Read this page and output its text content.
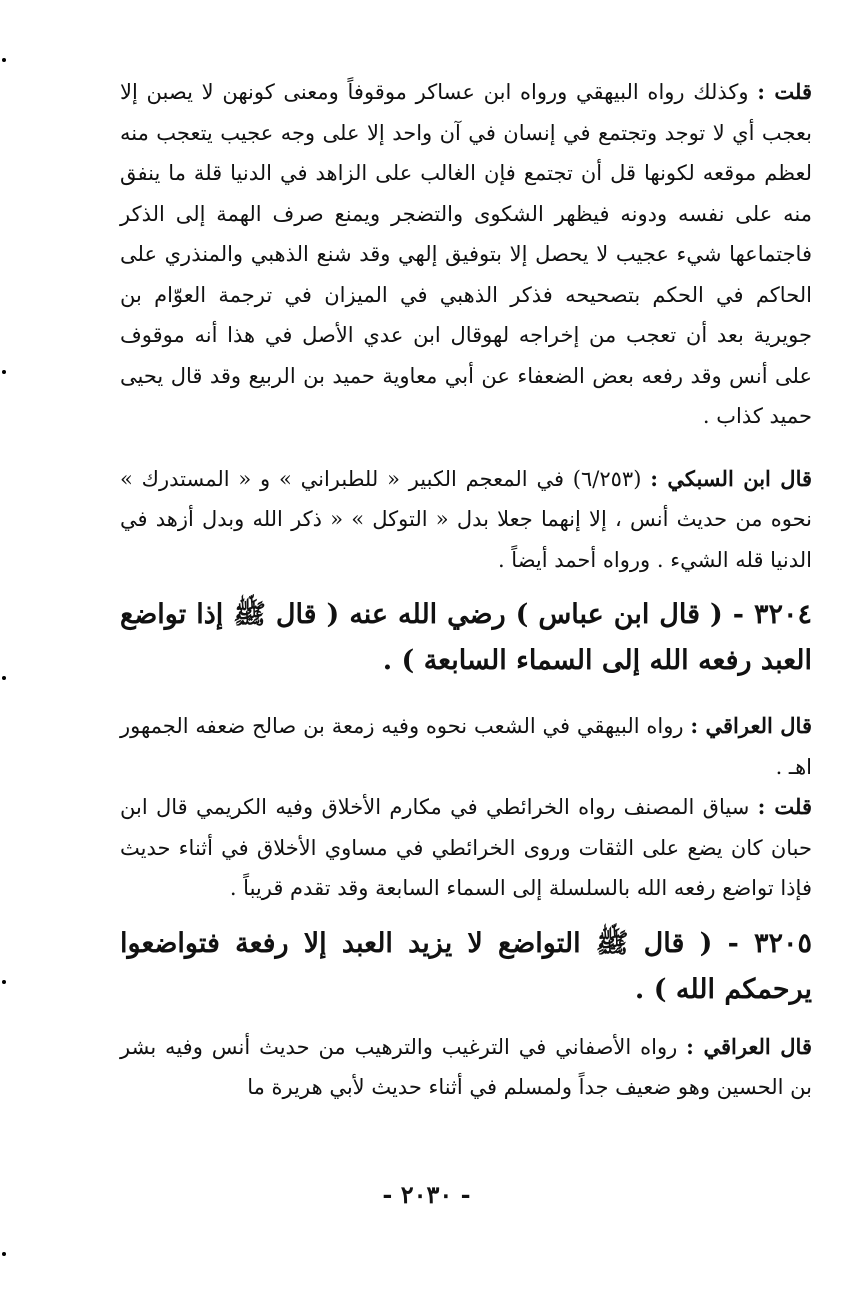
قلت : وكذلك رواه البيهقي ورواه ابن عساكر موقوفاً ومعنى كونهن لا يصبن إلا بعجب أي لا توجد وتجتمع في إنسان في آن واحد إلا على وجه عجيب يتعجب منه لعظم موقعه لكونها قل أن تجتمع فإن الغالب على الزاهد في الدنيا قلة ما ينفق منه على نفسه ودونه فيظهر الشكوى والتضجر ويمنع صرف الهمة إلى الذكر فاجتماعها شيء عجيب لا يحصل إلا بتوفيق إلهي وقد شنع الذهبي والمنذري على الحاكم في الحكم بتصحيحه فذكر الذهبي في الميزان في ترجمة العوّام بن جويرية بعد أن تعجب من إخراجه لهوقال ابن عدي الأصل في هذا أنه موقوف على أنس وقد رفعه بعض الضعفاء عن أبي معاوية حميد بن الربيع وقد قال يحيى حميد كذاب .

قال ابن السبكي : (٦/٢٥٣) في المعجم الكبير « للطبراني » و « المستدرك » نحوه من حديث أنس ، إلا إنهما جعلا بدل « التوكل » « ذكر الله وبدل أزهد في الدنيا قله الشيء . ورواه أحمد أيضاً .

٣٢٠٤ - ( قال ابن عباس ) رضي الله عنه ( قال ﷺ إذا تواضع العبد رفعه الله إلى السماء السابعة ) .

قال العراقي : رواه البيهقي في الشعب نحوه وفيه زمعة بن صالح ضعفه الجمهور اهـ .

قلت : سياق المصنف رواه الخرائطي في مكارم الأخلاق وفيه الكريمي قال ابن حبان كان يضع على الثقات وروى الخرائطي في مساوي الأخلاق في أثناء حديث فإذا تواضع رفعه الله بالسلسلة إلى السماء السابعة وقد تقدم قريباً .

٣٢٠٥ - ( قال ﷺ التواضع لا يزيد العبد إلا رفعة فتواضعوا يرحمكم الله ) .

قال العراقي : رواه الأصفاني في الترغيب والترهيب من حديث أنس وفيه بشر بن الحسين وهو ضعيف جداً ولمسلم في أثناء حديث لأبي هريرة ما

- ٢٠٣٠ -
